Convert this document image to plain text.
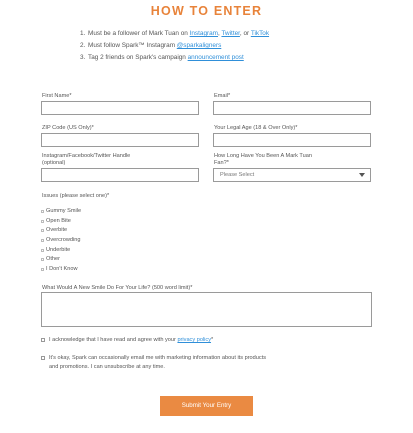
HOW TO ENTER
1. Must be a follower of Mark Tuan on Instagram, Twitter, or TikTok
2. Must follow Spark™ Instagram @sparkaligners
3. Tag 2 friends on Spark's campaign announcement post
First Name*	Email*
ZIP Code (US Only)*	Your Legal Age (18 & Over Only)*
Instagram/Facebook/Twitter Handle
(optional)
How Long Have You Been A Mark Tuan
Fan?*
Please Select
Issues (please select one)*
Gummy Smile
Open Bite
Overbite
Overcrowding
Underbite
Other
I Don't Know
What Would A New Smile Do For Your Life? (500 word limit)*
I acknowledge that I have read and agree with your privacy policy*
It's okay, Spark can occasionally email me with marketing information about its products
and promotions. I can unsubscribe at any time.
Submit Your Entry
